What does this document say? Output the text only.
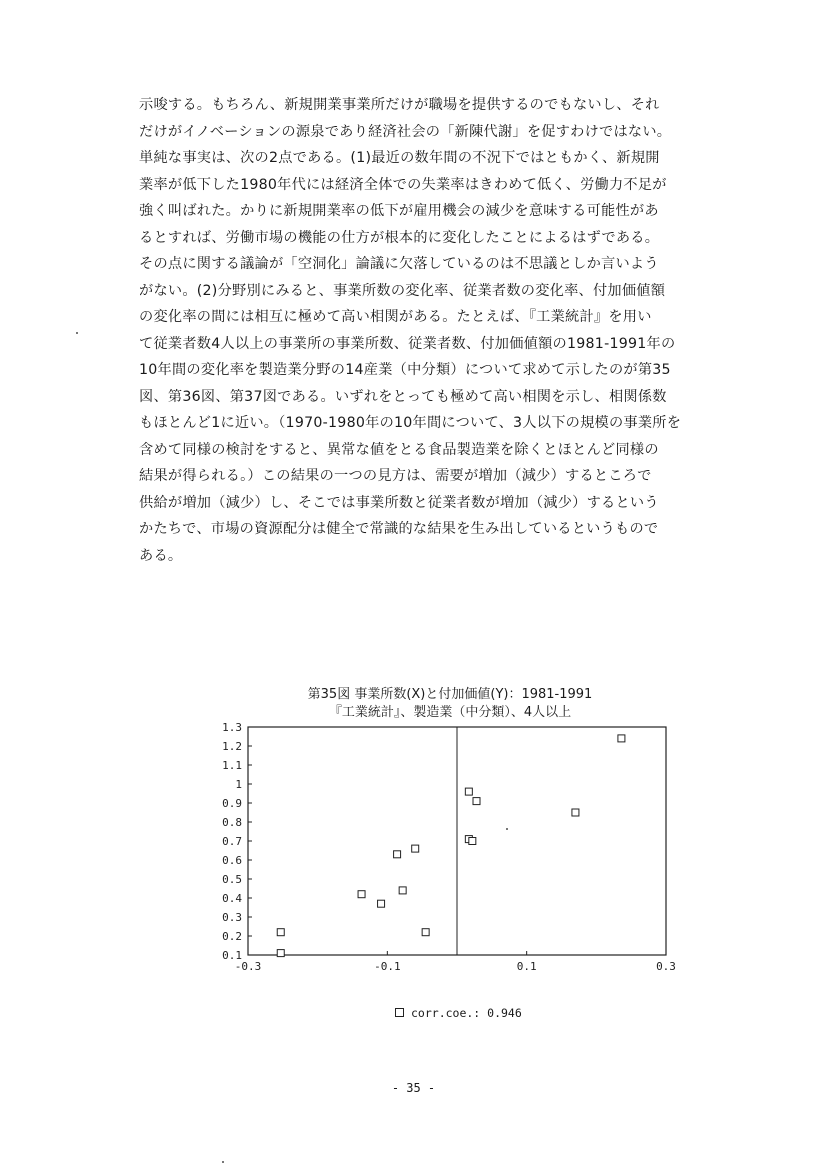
示唆する。もちろん、新規開業事業所だけが職場を提供するのでもないし、それ
だけがイノベーションの源泉であり経済社会の「新陳代謝」を促すわけではない。
単純な事実は、次の2点である。(1)最近の数年間の不況下ではともかく、新規開
業率が低下した1980年代には経済全体での失業率はきわめて低く、労働力不足が
強く叫ばれた。かりに新規開業率の低下が雇用機会の減少を意味する可能性があ
るとすれば、労働市場の機能の仕方が根本的に変化したことによるはずである。
その点に関する議論が「空洞化」論議に欠落しているのは不思議としか言いよう
がない。(2)分野別にみると、事業所数の変化率、従業者数の変化率、付加価値額
の変化率の間には相互に極めて高い相関がある。たとえば、『工業統計』を用い
て従業者数4人以上の事業所の事業所数、従業者数、付加価値額の1981-1991年の
10年間の変化率を製造業分野の14産業（中分類）について求めて示したのが第35
図、第36図、第37図である。いずれをとっても極めて高い相関を示し、相関係数
もほとんど1に近い。（1970-1980年の10年間について、3人以下の規模の事業所を
含めて同様の検討をすると、異常な値をとる食品製造業を除くとほとんど同様の
結果が得られる。）この結果の一つの見方は、需要が増加（減少）するところで
供給が増加（減少）し、そこでは事業所数と従業者数が増加（減少）するという
かたちで、市場の資源配分は健全で常識的な結果を生み出しているというもので
ある。
第35図 事業所数(X)と付加価値(Y)：1981-1991
『工業統計』、製造業（中分類）、4人以上
0.1
0.2
0.3
0.4
0.5
0.6
0.7
0.8
0.9
1
1.1
1.2
1.3
-0.3	-0.1	0.1	0.3
corr.coe.: 0.946
- 35 -
